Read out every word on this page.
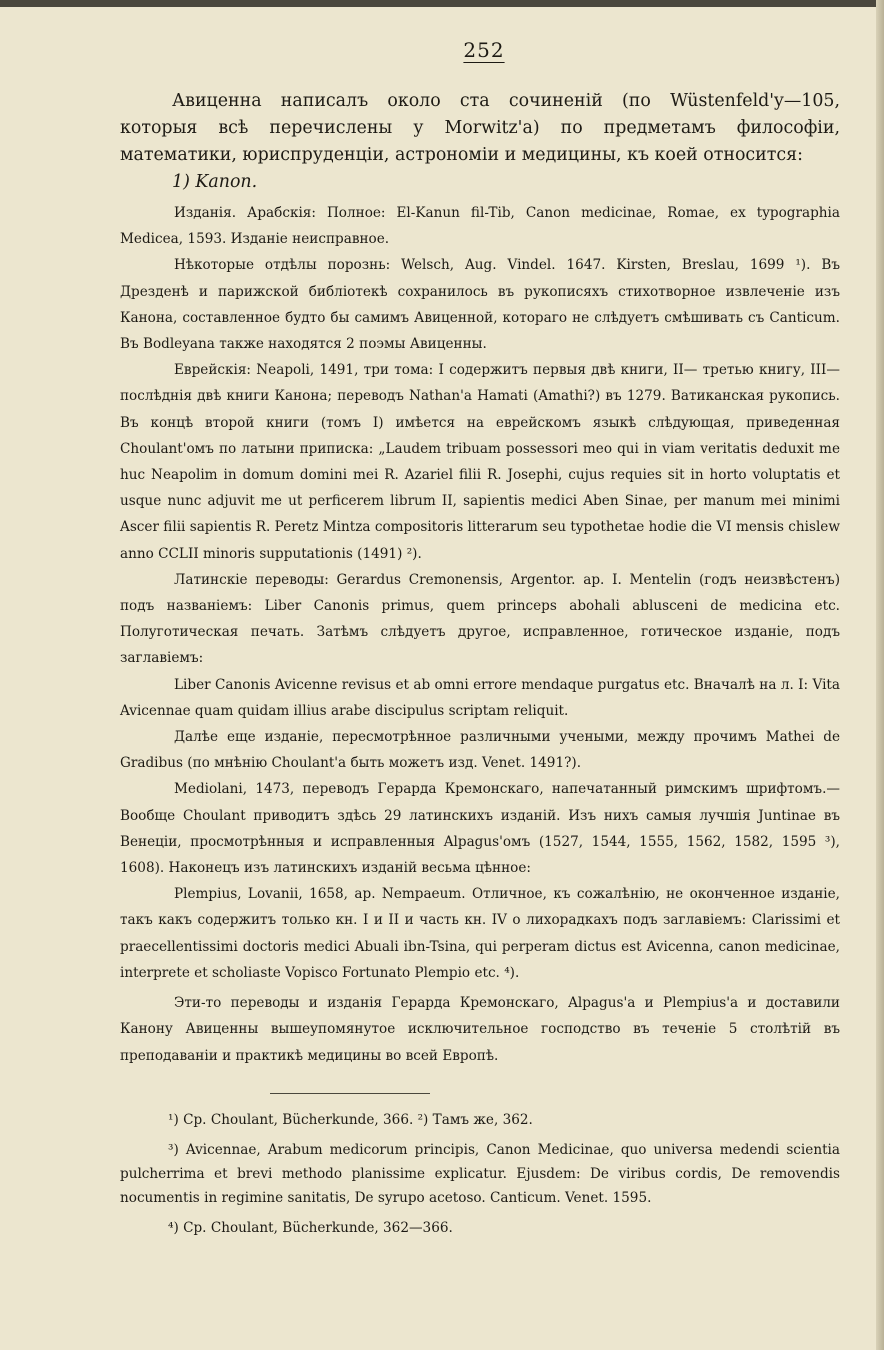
252

Авиценна написалъ около ста сочиненій (по Wüstenfeld'y—105, которыя всѣ перечислены у Morwitz'a) по предметамъ философіи, математики, юриспруденціи, астрономіи и медицины, къ коей относится:

1) Kanon.

Изданія. Арабскія: Полное: El-Kanun fil-Tib, Canon medicinae, Romae, ex typographia Medicea, 1593. Изданіе неисправное.

Нѣкоторые отдѣлы порознь: Welsch, Aug. Vindel. 1647. Kirsten, Breslau, 1699 ¹). Въ Дрезденѣ и парижской библіотекѣ сохранилось въ рукописяхъ стихотворное извлеченіе изъ Канона, составленное будто бы самимъ Авиценной, котораго не слѣдуетъ смѣшивать съ Canticum. Въ Bodleyana также находятся 2 поэмы Авиценны.

Еврейскія: Neapoli, 1491, три тома: I содержитъ первыя двѣ книги, II— третью книгу, III—послѣднія двѣ книги Канона; переводъ Nathan'a Hamati (Amathi?) въ 1279. Ватиканская рукопись. Въ концѣ второй книги (томъ I) имѣется на еврейскомъ языкѣ слѣдующая, приведенная Choulant'омъ по латыни приписка: „Laudem tribuam possessori meo qui in viam veritatis deduxit me huc Neapolim in domum domini mei R. Azariel filii R. Josephi, cujus requies sit in horto voluptatis et usque nunc adjuvit me ut perficerem librum II, sapientis medici Aben Sinae, per manum mei minimi Ascer filii sapientis R. Peretz Mintza compositoris litterarum seu typothetae hodie die VI mensis chislew anno CCLII minoris supputationis (1491) ²).

Латинскіе переводы: Gerardus Cremonensis, Argentor. ap. I. Mentelin (годъ неизвѣстенъ) подъ названіемъ: Liber Canonis primus, quem princeps abohali abluscenі de medicina etc. Полуготическая печать. Затѣмъ слѣдуетъ другое, исправленное, готическое изданіе, подъ заглавіемъ:

Liber Canonis Avicenne revisus et ab omni errore mendaque purgatus etc. Вначалѣ на л. I: Vita Avicennae quam quidam illius arabe discipulus scriptam reliquit.

Далѣе еще изданіе, пересмотрѣнное различными учеными, между прочимъ Mathei de Gradibus (по мнѣнію Choulant'a быть можетъ изд. Venet. 1491?).

Mediolani, 1473, переводъ Герарда Кремонскаго, напечатанный римскимъ шрифтомъ.—Вообще Choulant приводитъ здѣсь 29 латинскихъ изданій. Изъ нихъ самыя лучшія Juntinae въ Венеціи, просмотрѣнныя и исправленныя Alpagus'омъ (1527, 1544, 1555, 1562, 1582, 1595 ³), 1608). Наконецъ изъ латинскихъ изданій весьма цѣнное:

Plempius, Lovanii, 1658, ap. Nempaeum. Отличное, къ сожалѣнію, не оконченное изданіе, такъ какъ содержитъ только кн. I и II и часть кн. IV о лихорадкахъ подъ заглавіемъ: Clarissimi et praecellentissimi doctoris medici Abuali ibn-Tsina, qui perperam dictus est Avicenna, canon medicinae, interprete et scholiaste Vopisco Fortunato Plempio etc. ⁴).

Эти-то переводы и изданія Герарда Кремонскаго, Alpagus'a и Plempius'a и доставили Канону Авиценны вышеупомянутое исключительное господство въ теченіе 5 столѣтій въ преподаваніи и практикѣ медицины во всей Европѣ.

¹) Ср. Choulant, Bücherkunde, 366. ²) Тамъ же, 362.

³) Avicennae, Arabum medicorum principis, Canon Medicinae, quo universa medendi scientia pulcherrima et brevi methodo planissime explicatur. Ejusdem: De viribus cordis, De removendis nocumentis in regimine sanitatis, De syrupo acetoso. Canticum. Venet. 1595.

⁴) Ср. Choulant, Bücherkunde, 362—366.
